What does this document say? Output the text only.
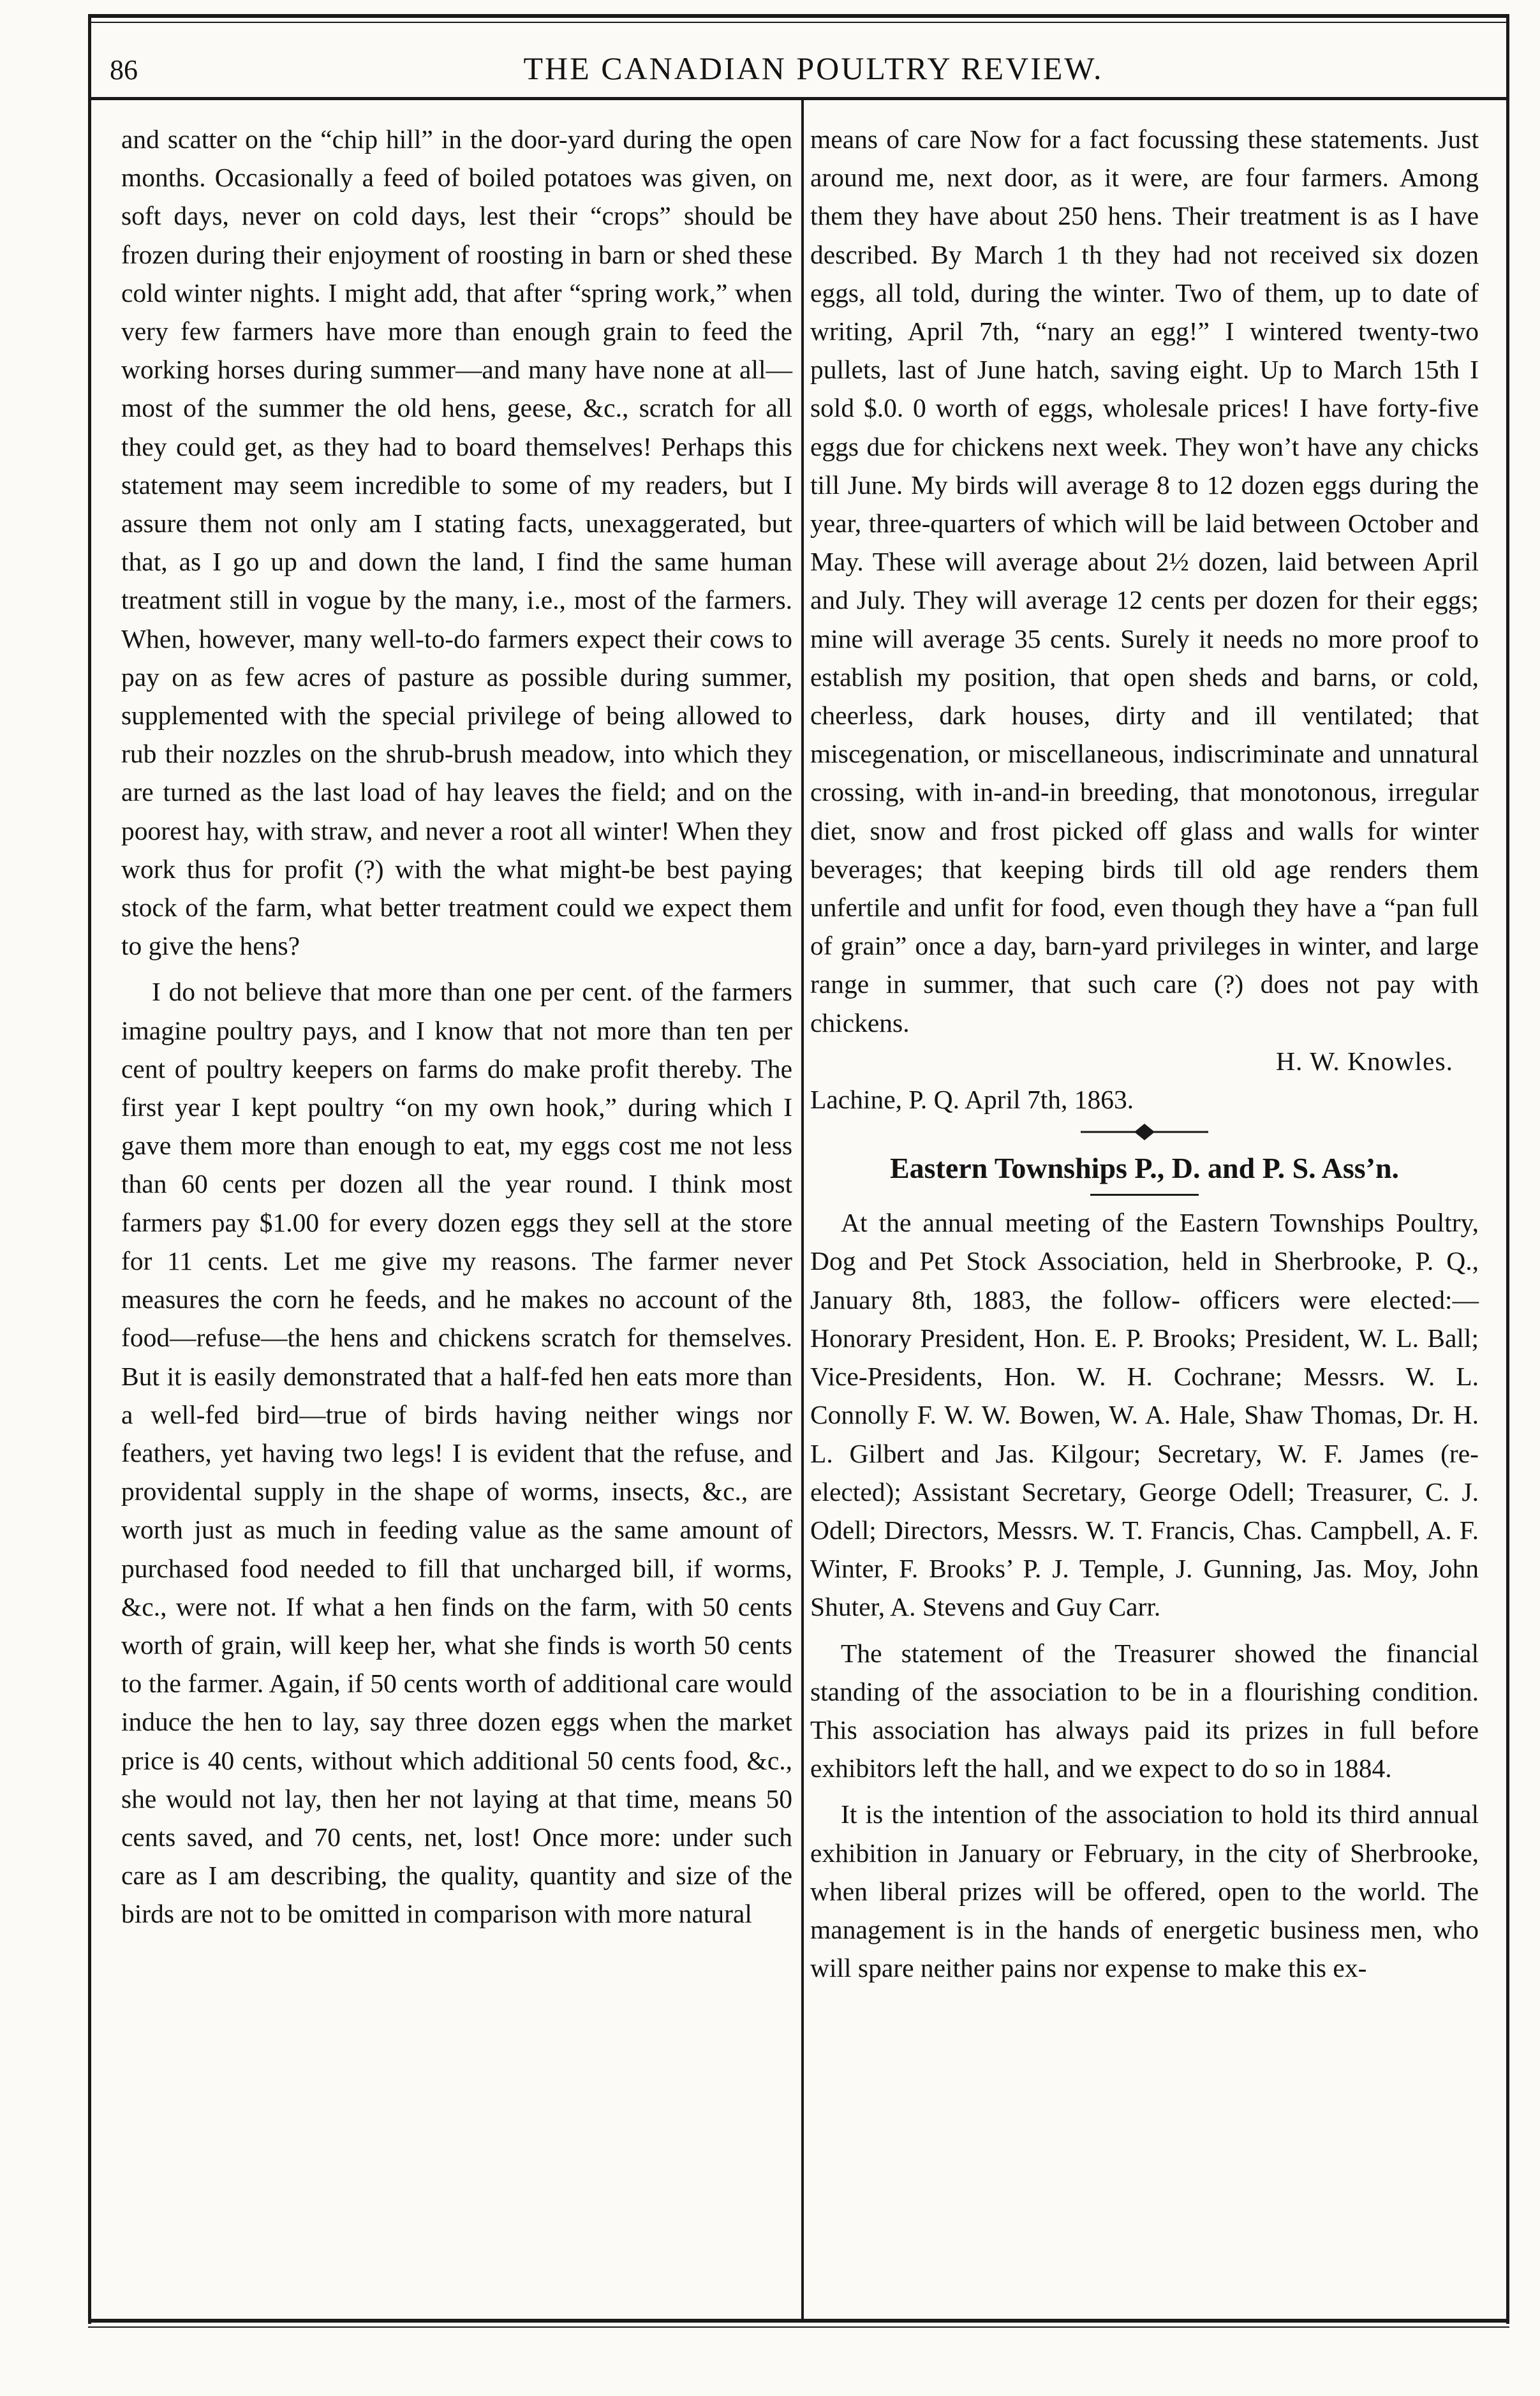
86	THE CANADIAN POULTRY REVIEW.

and scatter on the “chip hill” in the door-yard during the open months. Occasionally a feed of boiled potatoes was given, on soft days, never on cold days, lest their “crops” should be frozen during their enjoyment of roosting in barn or shed these cold winter nights. I might add, that after “spring work,” when very few farmers have more than enough grain to feed the working horses during summer—and many have none at all—most of the summer the old hens, geese, &c., scratch for all they could get, as they had to board themselves! Perhaps this statement may seem incredible to some of my readers, but I assure them not only am I stating facts, unexaggerated, but that, as I go up and down the land, I find the same human treatment still in vogue by the many, i.e., most of the farmers. When, however, many well-to-do farmers expect their cows to pay on as few acres of pasture as possible during summer, supplemented with the special privilege of being allowed to rub their nozzles on the shrub-brush meadow, into which they are turned as the last load of hay leaves the field; and on the poorest hay, with straw, and never a root all winter! When they work thus for profit (?) with the what might-be best paying stock of the farm, what better treatment could we expect them to give the hens?

I do not believe that more than one per cent. of the farmers imagine poultry pays, and I know that not more than ten per cent of poultry keepers on farms do make profit thereby. The first year I kept poultry “on my own hook,” during which I gave them more than enough to eat, my eggs cost me not less than 60 cents per dozen all the year round. I think most farmers pay $1.00 for every dozen eggs they sell at the store for 11 cents. Let me give my reasons. The farmer never measures the corn he feeds, and he makes no account of the food—refuse—the hens and chickens scratch for themselves. But it is easily demonstrated that a half-fed hen eats more than a well-fed bird—true of birds having neither wings nor feathers, yet having two legs! I is evident that the refuse, and providental supply in the shape of worms, insects, &c., are worth just as much in feeding value as the same amount of purchased food needed to fill that uncharged bill, if worms, &c., were not. If what a hen finds on the farm, with 50 cents worth of grain, will keep her, what she finds is worth 50 cents to the farmer. Again, if 50 cents worth of additional care would induce the hen to lay, say three dozen eggs when the market price is 40 cents, without which additional 50 cents food, &c., she would not lay, then her not laying at that time, means 50 cents saved, and 70 cents, net, lost! Once more: under such care as I am describing, the quality, quantity and size of the birds are not to be omitted in comparison with more natural

means of care Now for a fact focussing these statements. Just around me, next door, as it were, are four farmers. Among them they have about 250 hens. Their treatment is as I have described. By March 1 th they had not received six dozen eggs, all told, during the winter. Two of them, up to date of writing, April 7th, “nary an egg!” I wintered twenty-two pullets, last of June hatch, saving eight. Up to March 15th I sold $.0. 0 worth of eggs, wholesale prices! I have forty-five eggs due for chickens next week. They won’t have any chicks till June. My birds will average 8 to 12 dozen eggs during the year, three-quarters of which will be laid between October and May. These will average about 2½ dozen, laid between April and July. They will average 12 cents per dozen for their eggs; mine will average 35 cents. Surely it needs no more proof to establish my position, that open sheds and barns, or cold, cheerless, dark houses, dirty and ill ventilated; that miscegenation, or miscellaneous, indiscriminate and unnatural crossing, with in-and-in breeding, that monotonous, irregular diet, snow and frost picked off glass and walls for winter beverages; that keeping birds till old age renders them unfertile and unfit for food, even though they have a “pan full of grain” once a day, barn-yard privileges in winter, and large range in summer, that such care (?) does not pay with chickens.

H. W. Knowles.

Lachine, P. Q. April 7th, 1863.

Eastern Townships P., D. and P. S. Ass’n.

At the annual meeting of the Eastern Townships Poultry, Dog and Pet Stock Association, held in Sherbrooke, P. Q., January 8th, 1883, the follow- officers were elected:—Honorary President, Hon. E. P. Brooks; President, W. L. Ball; Vice-Presidents, Hon. W. H. Cochrane; Messrs. W. L. Connolly F. W. W. Bowen, W. A. Hale, Shaw Thomas, Dr. H. L. Gilbert and Jas. Kilgour; Secretary, W. F. James (re-elected); Assistant Secretary, George Odell; Treasurer, C. J. Odell; Directors, Messrs. W. T. Francis, Chas. Campbell, A. F. Winter, F. Brooks’ P. J. Temple, J. Gunning, Jas. Moy, John Shuter, A. Stevens and Guy Carr.

The statement of the Treasurer showed the financial standing of the association to be in a flourishing condition. This association has always paid its prizes in full before exhibitors left the hall, and we expect to do so in 1884.

It is the intention of the association to hold its third annual exhibition in January or February, in the city of Sherbrooke, when liberal prizes will be offered, open to the world. The management is in the hands of energetic business men, who will spare neither pains nor expense to make this ex-
